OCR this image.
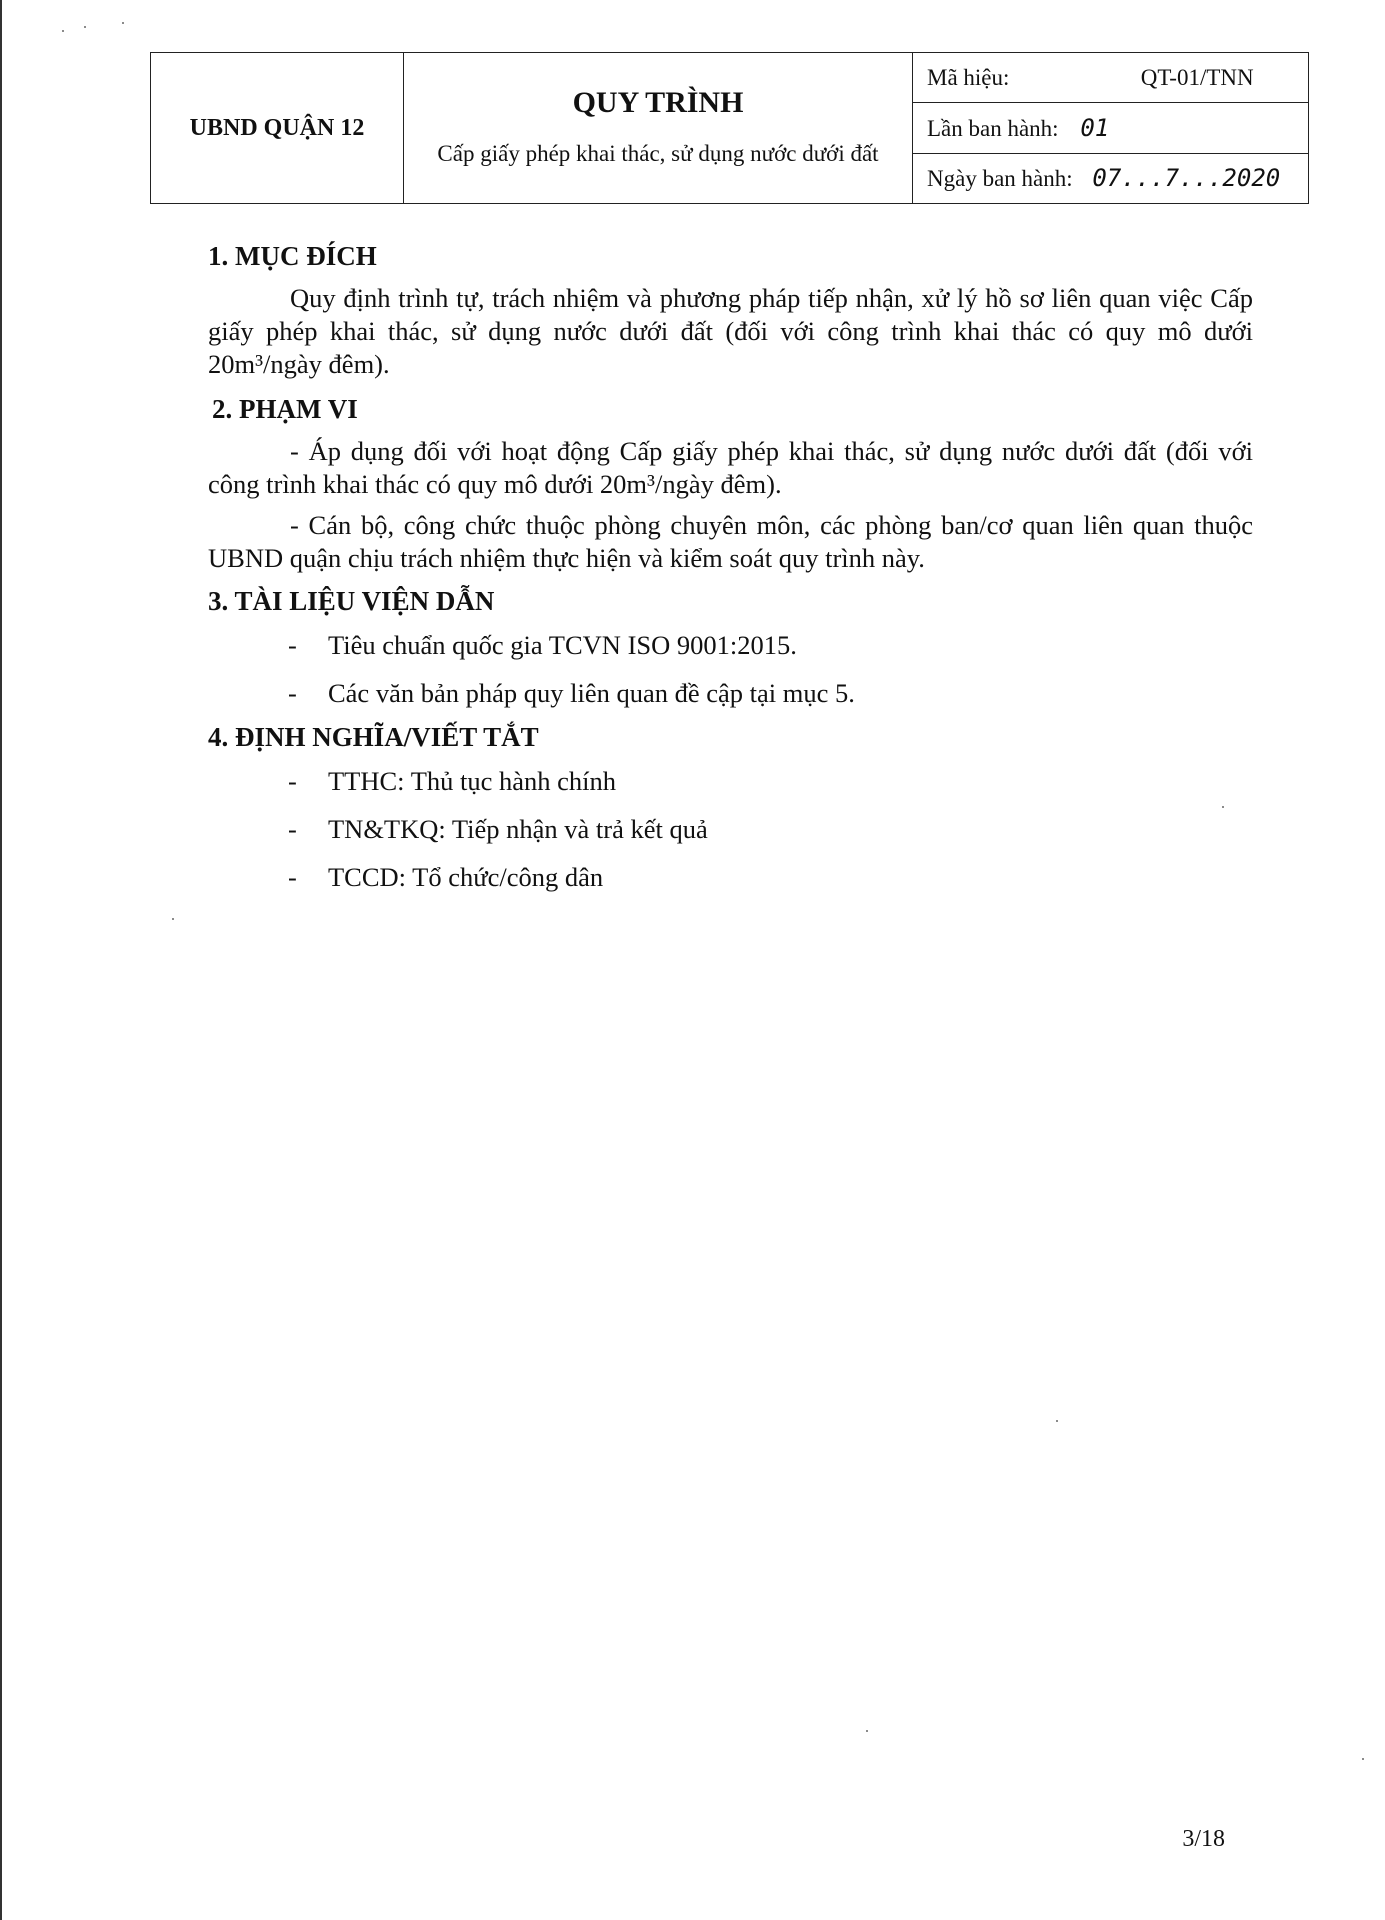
UBND QUẬN 12	
QUY TRÌNH
Cấp giấy phép khai thác, sử dụng nước dưới đất
	Mã hiệu:	QT-01/TNN
Lần ban hành: 01
Ngày ban hành: 07...7...2020
1. MỤC ĐÍCH

Quy định trình tự, trách nhiệm và phương pháp tiếp nhận, xử lý hồ sơ liên quan việc Cấp giấy phép khai thác, sử dụng nước dưới đất (đối với công trình khai thác có quy mô dưới 20m³/ngày đêm).

2. PHẠM VI

- Áp dụng đối với hoạt động Cấp giấy phép khai thác, sử dụng nước dưới đất (đối với công trình khai thác có quy mô dưới 20m³/ngày đêm).

- Cán bộ, công chức thuộc phòng chuyên môn, các phòng ban/cơ quan liên quan thuộc UBND quận chịu trách nhiệm thực hiện và kiểm soát quy trình này.

3. TÀI LIỆU VIỆN DẪN
- Tiêu chuẩn quốc gia TCVN ISO 9001:2015.
- Các văn bản pháp quy liên quan đề cập tại mục 5.
4. ĐỊNH NGHĨA/VIẾT TẮT
- TTHC: Thủ tục hành chính
- TN&TKQ: Tiếp nhận và trả kết quả
- TCCD: Tổ chức/công dân
3/18
